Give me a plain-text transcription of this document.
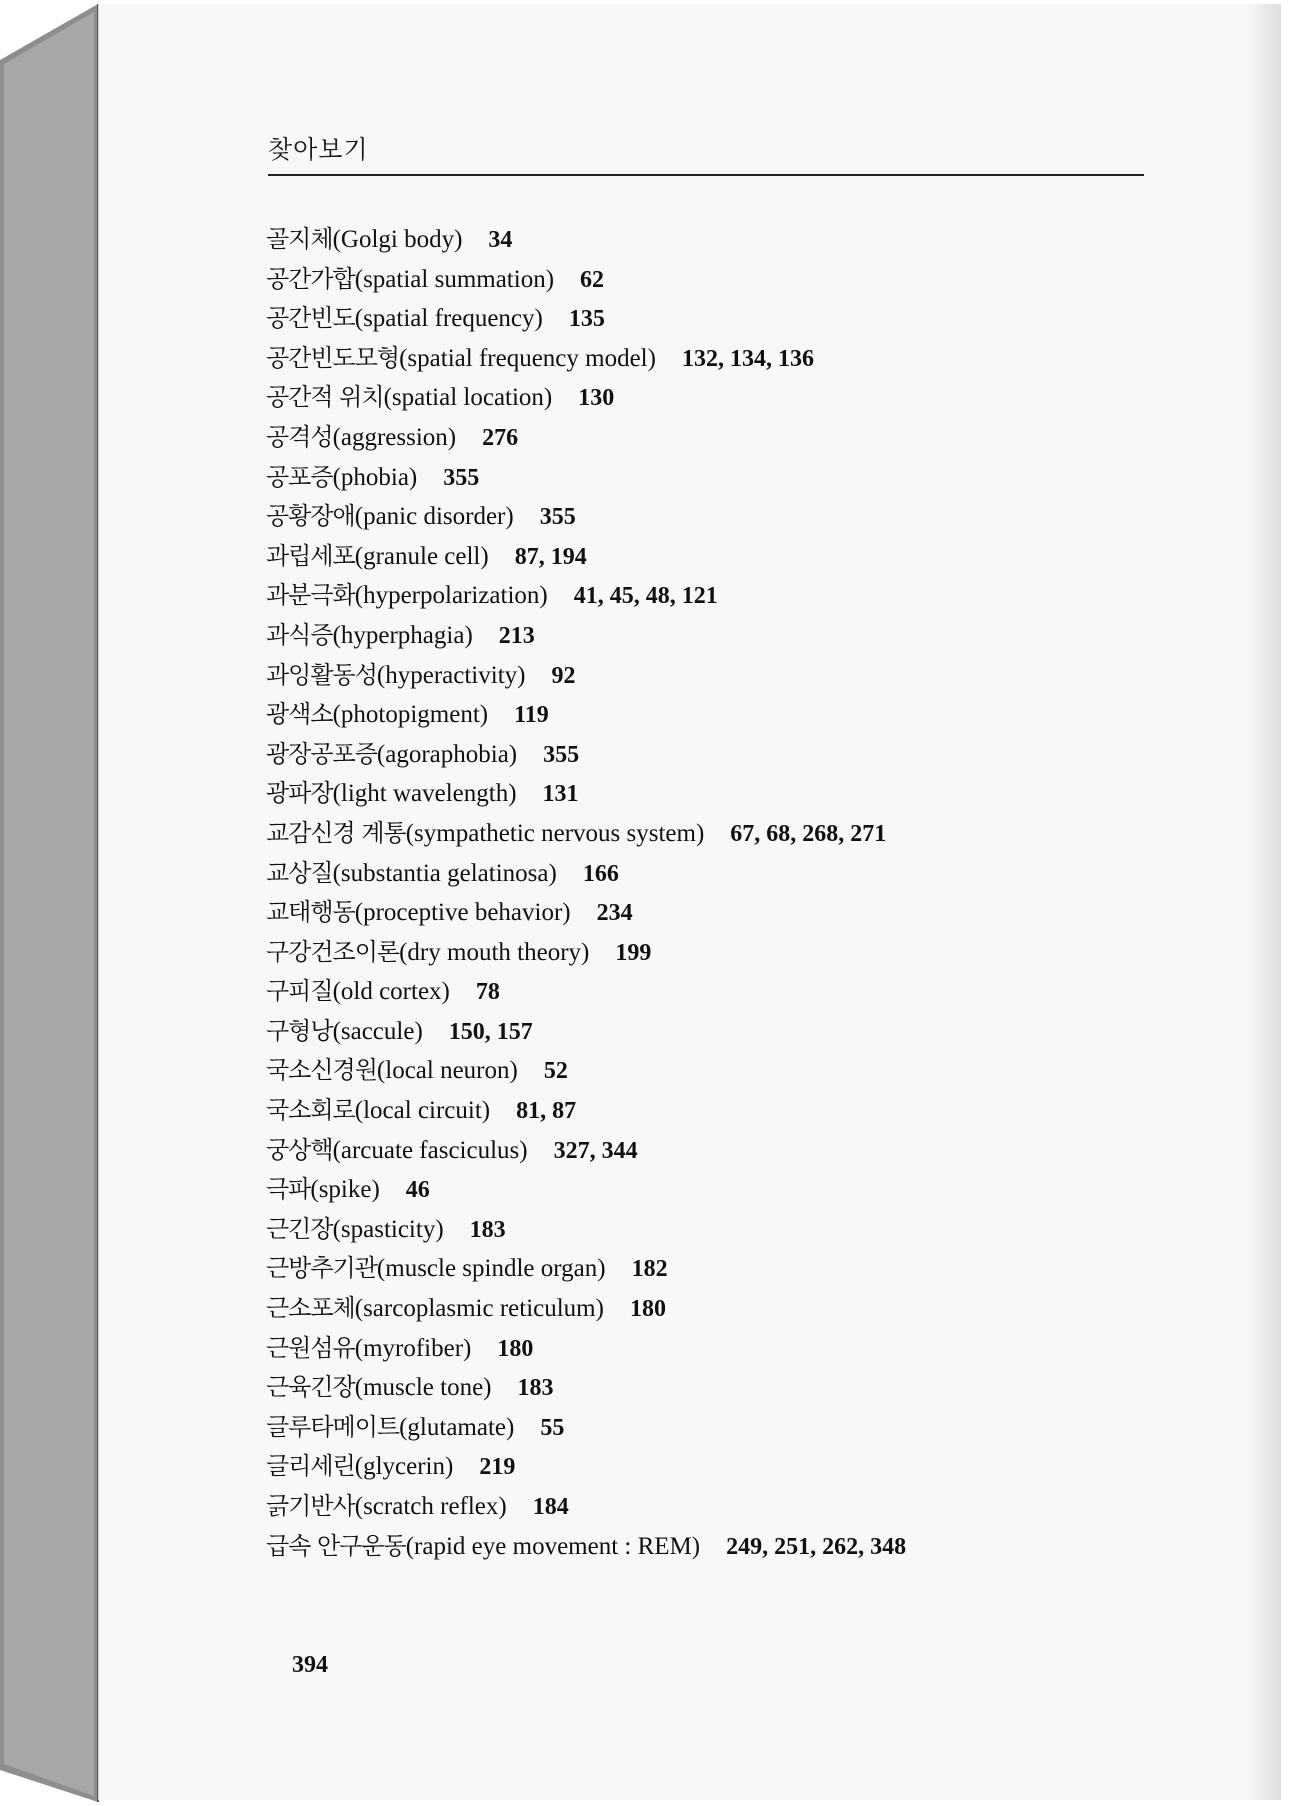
찾아보기
골지체(Golgi body) 34
공간가합(spatial summation) 62
공간빈도(spatial frequency) 135
공간빈도모형(spatial frequency model) 132, 134, 136
공간적 위치(spatial location) 130
공격성(aggression) 276
공포증(phobia) 355
공황장애(panic disorder) 355
과립세포(granule cell) 87, 194
과분극화(hyperpolarization) 41, 45, 48, 121
과식증(hyperphagia) 213
과잉활동성(hyperactivity) 92
광색소(photopigment) 119
광장공포증(agoraphobia) 355
광파장(light wavelength) 131
교감신경 계통(sympathetic nervous system) 67, 68, 268, 271
교상질(substantia gelatinosa) 166
교태행동(proceptive behavior) 234
구강건조이론(dry mouth theory) 199
구피질(old cortex) 78
구형낭(saccule) 150, 157
국소신경원(local neuron) 52
국소회로(local circuit) 81, 87
궁상핵(arcuate fasciculus) 327, 344
극파(spike) 46
근긴장(spasticity) 183
근방추기관(muscle spindle organ) 182
근소포체(sarcoplasmic reticulum) 180
근원섬유(myrofiber) 180
근육긴장(muscle tone) 183
글루타메이트(glutamate) 55
글리세린(glycerin) 219
긁기반사(scratch reflex) 184
급속 안구운동(rapid eye movement : REM) 249, 251, 262, 348
394
